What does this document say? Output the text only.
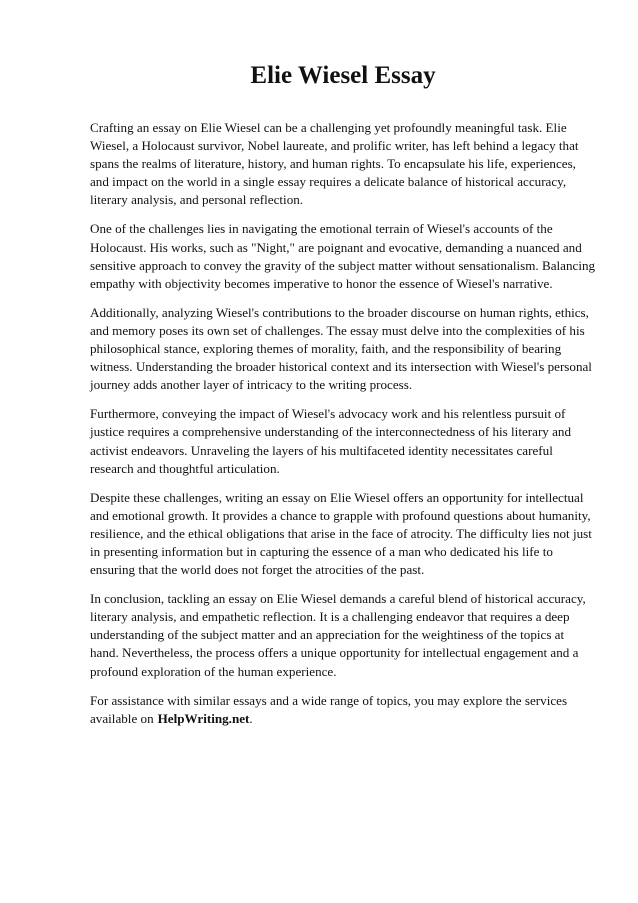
Elie Wiesel Essay

Crafting an essay on Elie Wiesel can be a challenging yet profoundly meaningful task. Elie Wiesel, a Holocaust survivor, Nobel laureate, and prolific writer, has left behind a legacy that spans the realms of literature, history, and human rights. To encapsulate his life, experiences, and impact on the world in a single essay requires a delicate balance of historical accuracy, literary analysis, and personal reflection.

One of the challenges lies in navigating the emotional terrain of Wiesel's accounts of the Holocaust. His works, such as "Night," are poignant and evocative, demanding a nuanced and sensitive approach to convey the gravity of the subject matter without sensationalism. Balancing empathy with objectivity becomes imperative to honor the essence of Wiesel's narrative.

Additionally, analyzing Wiesel's contributions to the broader discourse on human rights, ethics, and memory poses its own set of challenges. The essay must delve into the complexities of his philosophical stance, exploring themes of morality, faith, and the responsibility of bearing witness. Understanding the broader historical context and its intersection with Wiesel's personal journey adds another layer of intricacy to the writing process.

Furthermore, conveying the impact of Wiesel's advocacy work and his relentless pursuit of justice requires a comprehensive understanding of the interconnectedness of his literary and activist endeavors. Unraveling the layers of his multifaceted identity necessitates careful research and thoughtful articulation.

Despite these challenges, writing an essay on Elie Wiesel offers an opportunity for intellectual and emotional growth. It provides a chance to grapple with profound questions about humanity, resilience, and the ethical obligations that arise in the face of atrocity. The difficulty lies not just in presenting information but in capturing the essence of a man who dedicated his life to ensuring that the world does not forget the atrocities of the past.

In conclusion, tackling an essay on Elie Wiesel demands a careful blend of historical accuracy, literary analysis, and empathetic reflection. It is a challenging endeavor that requires a deep understanding of the subject matter and an appreciation for the weightiness of the topics at hand. Nevertheless, the process offers a unique opportunity for intellectual engagement and a profound exploration of the human experience.

For assistance with similar essays and a wide range of topics, you may explore the services available on HelpWriting.net.
